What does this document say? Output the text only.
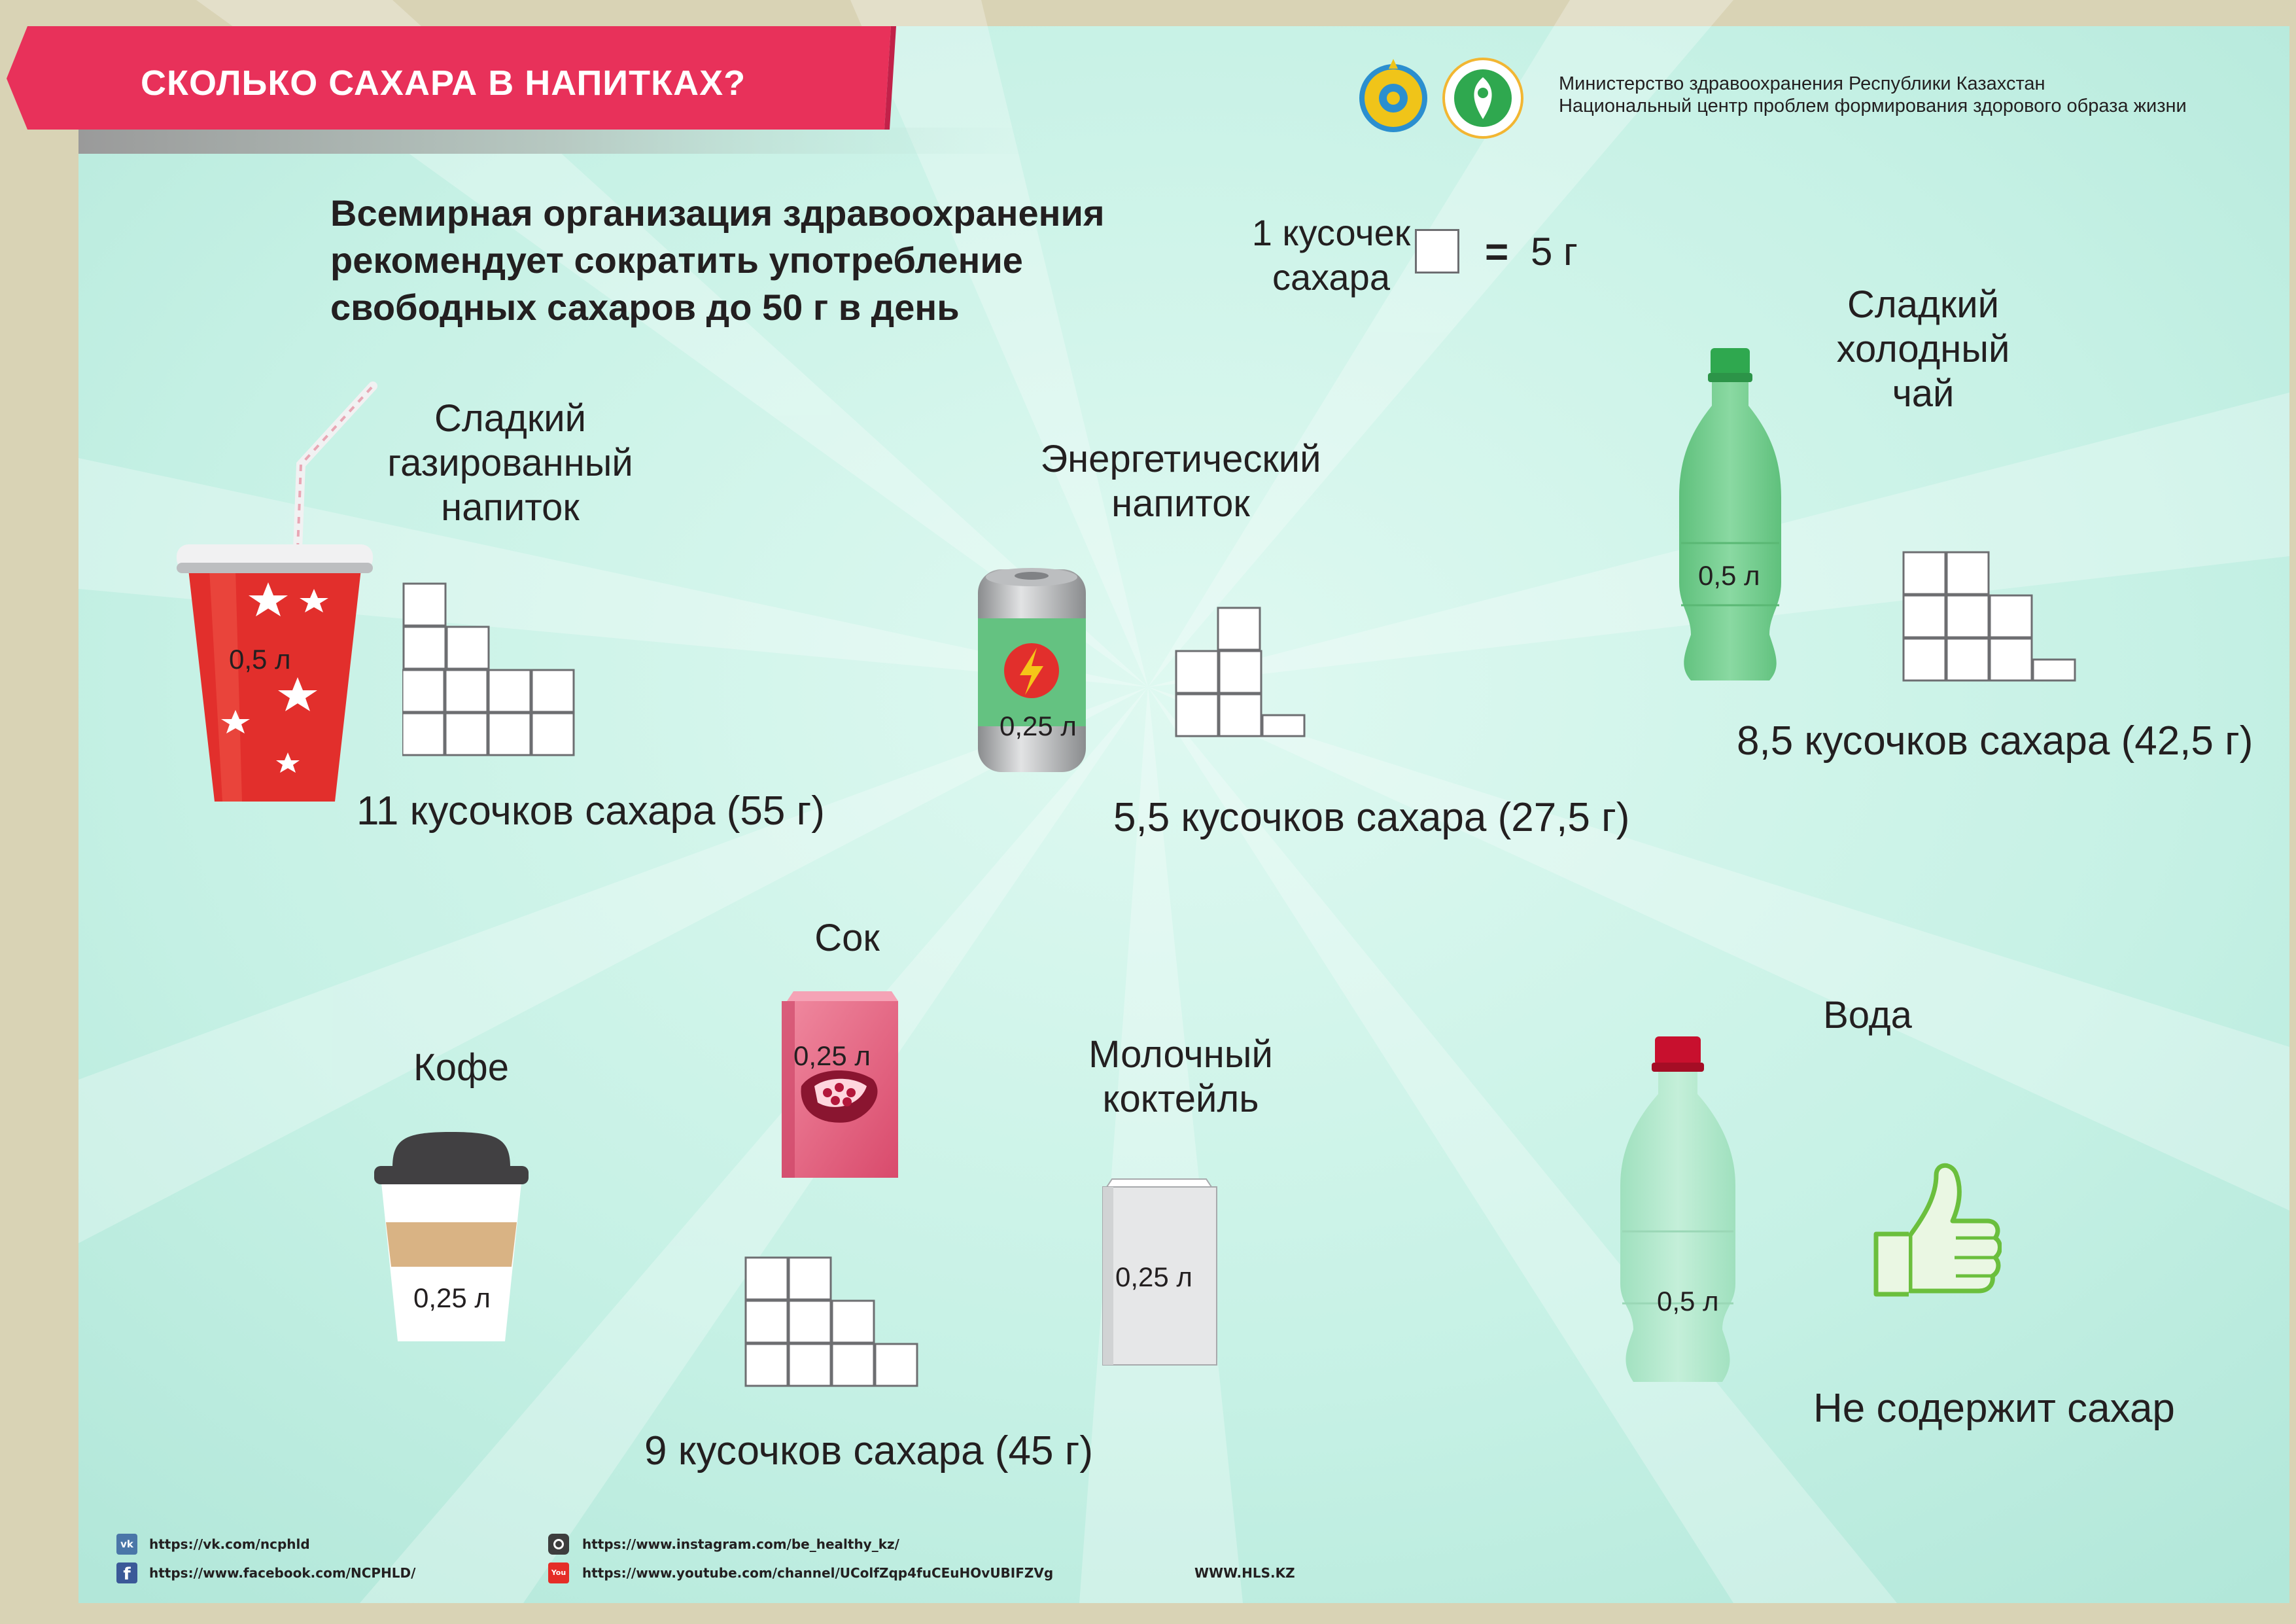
СКОЛЬКО САХАРА В НАПИТКАХ?	Министерство здравоохранения Республики Казахстан
Национальный центр проблем формирования здорового образа жизни
Всемирная организация здравоохранения
рекомендует сократить употребление
свободных сахаров до 50 г в день
1 кусочек
сахара
= 5 г
0,5 л
Сладкий
газированный
напиток
11 кусочков сахара (55 г)
0,25 л
Энергетический
напиток
5,5 кусочков сахара (27,5 г)
0,5 л
Сладкий
холодный
чай
8,5 кусочков сахара (42,5 г)
Кофе
0,25 л
Сок
0,25 л
9 кусочков сахара (45 г)
Молочный
коктейль
0,25 л
Вода
0,5 л
Не содержит сахар
vk	https://vk.com/ncphld
f	https://www.facebook.com/NCPHLD/
https://www.instagram.com/be_healthy_kz/
You https://www.youtube.com/channel/UColfZqp4fuCEuHOvUBIFZVg	WWW.HLS.KZ
